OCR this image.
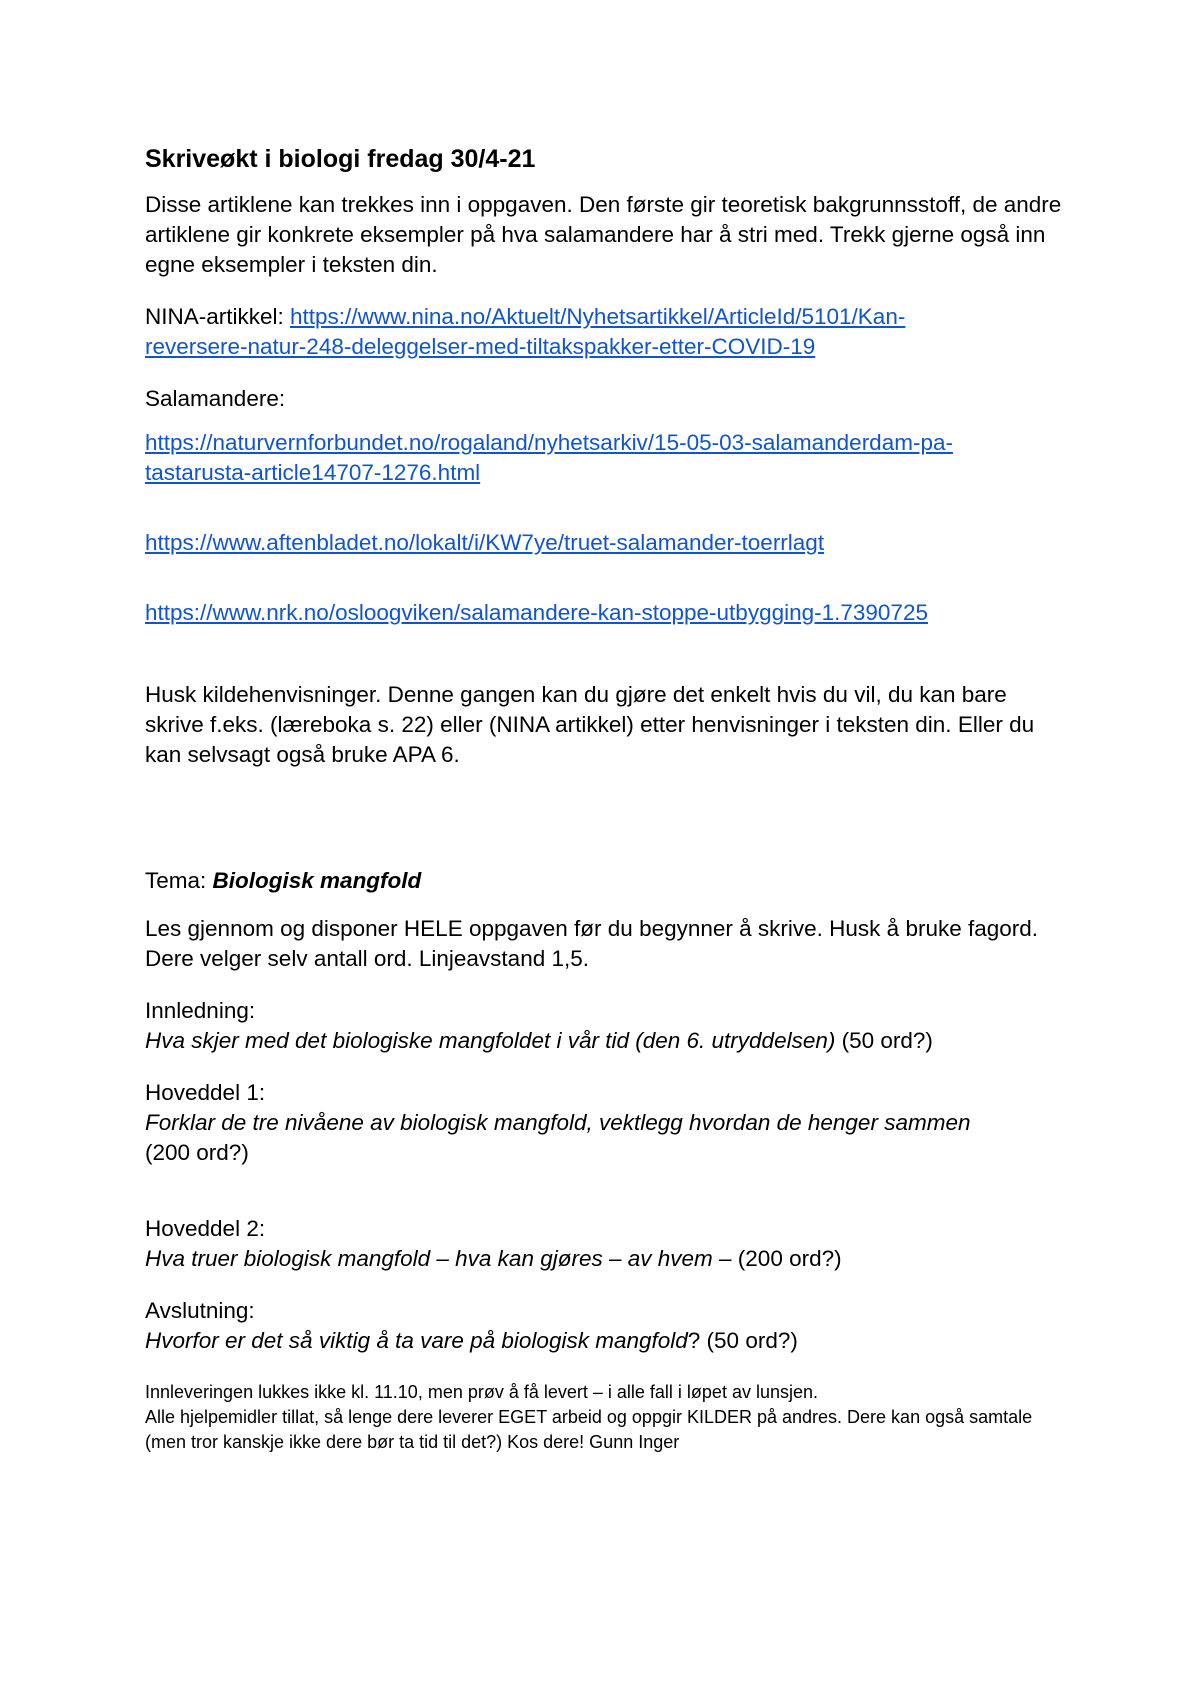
Skriveøkt i biologi fredag 30/4-21

Disse artiklene kan trekkes inn i oppgaven. Den første gir teoretisk bakgrunnsstoff, de andre artiklene gir konkrete eksempler på hva salamandere har å stri med. Trekk gjerne også inn egne eksempler i teksten din.

NINA-artikkel: https://www.nina.no/Aktuelt/Nyhetsartikkel/ArticleId/5101/Kan-
reversere-natur-248-deleggelser-med-tiltakspakker-etter-COVID-19

Salamandere:

https://naturvernforbundet.no/rogaland/nyhetsarkiv/15-05-03-salamanderdam-pa-
tastarusta-article14707-1276.html

https://www.aftenbladet.no/lokalt/i/KW7ye/truet-salamander-toerrlagt

https://www.nrk.no/osloogviken/salamandere-kan-stoppe-utbygging-1.7390725

Husk kildehenvisninger. Denne gangen kan du gjøre det enkelt hvis du vil, du kan bare skrive f.eks. (læreboka s. 22) eller (NINA artikkel) etter henvisninger i teksten din. Eller du kan selvsagt også bruke APA 6.

Tema: Biologisk mangfold

Les gjennom og disponer HELE oppgaven før du begynner å skrive. Husk å bruke fagord. Dere velger selv antall ord. Linjeavstand 1,5.

Innledning:

Hva skjer med det biologiske mangfoldet i vår tid (den 6. utryddelsen) (50 ord?)

Hoveddel 1:

Forklar de tre nivåene av biologisk mangfold, vektlegg hvordan de henger sammen

(200 ord?)

Hoveddel 2:

Hva truer biologisk mangfold – hva kan gjøres – av hvem – (200 ord?)

Avslutning:

Hvorfor er det så viktig å ta vare på biologisk mangfold? (50 ord?)

Innleveringen lukkes ikke kl. 11.10, men prøv å få levert – i alle fall i løpet av lunsjen.

Alle hjelpemidler tillat, så lenge dere leverer EGET arbeid og oppgir KILDER på andres. Dere kan også samtale (men tror kanskje ikke dere bør ta tid til det?) Kos dere! Gunn Inger
